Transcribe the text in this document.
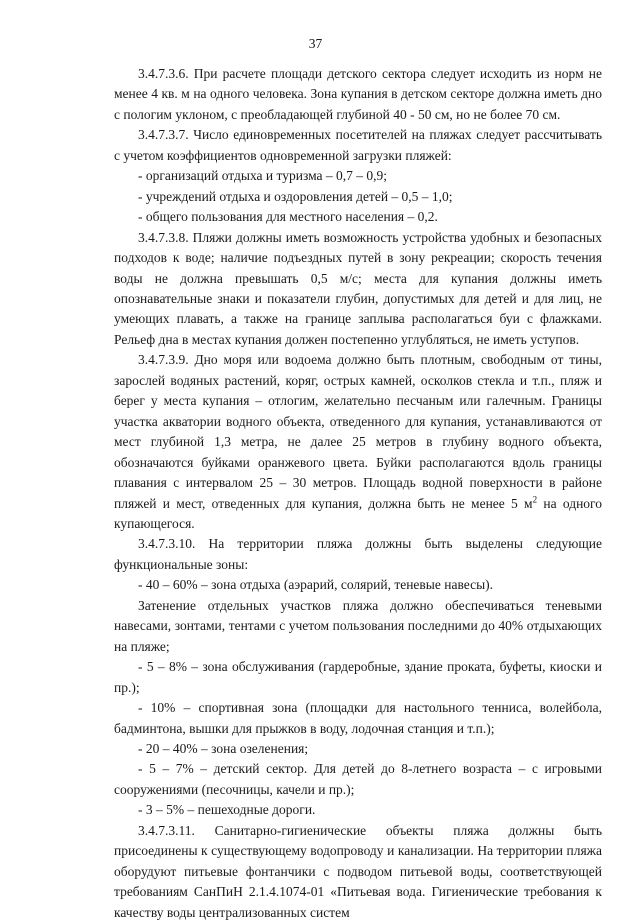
37

3.4.7.3.6. При расчете площади детского сектора следует исходить из норм не менее 4 кв. м на одного человека. Зона купания в детском секторе должна иметь дно с пологим уклоном, с преобладающей глубиной 40 - 50 см, но не более 70 см.

3.4.7.3.7. Число единовременных посетителей на пляжах следует рассчитывать с учетом коэффициентов одновременной загрузки пляжей:

- организаций отдыха и туризма – 0,7 – 0,9;

- учреждений отдыха и оздоровления детей – 0,5 – 1,0;

- общего пользования для местного населения – 0,2.

3.4.7.3.8. Пляжи должны иметь возможность устройства удобных и безопасных подходов к воде; наличие подъездных путей в зону рекреации; скорость течения воды не должна превышать 0,5 м/с; места для купания должны иметь опознавательные знаки и показатели глубин, допустимых для детей и для лиц, не умеющих плавать, а также на границе заплыва располагаться буи с флажками. Рельеф дна в местах купания должен постепенно углубляться, не иметь уступов.

3.4.7.3.9. Дно моря или водоема должно быть плотным, свободным от тины, зарослей водяных растений, коряг, острых камней, осколков стекла и т.п., пляж и берег у места купания – отлогим, желательно песчаным или галечным. Границы участка акватории водного объекта, отведенного для купания, устанавливаются от мест глубиной 1,3 метра, не далее 25 метров в глубину водного объекта, обозначаются буйками оранжевого цвета. Буйки располагаются вдоль границы плавания с интервалом 25 – 30 метров. Площадь водной поверхности в районе пляжей и мест, отведенных для купания, должна быть не менее 5 $м^2$ на одного купающегося.

3.4.7.3.10. На территории пляжа должны быть выделены следующие функциональные зоны:

- 40 – 60% – зона отдыха (аэрарий, солярий, теневые навесы).

Затенение отдельных участков пляжа должно обеспечиваться теневыми навесами, зонтами, тентами с учетом пользования последними до 40% отдыхающих на пляже;

- 5 – 8% – зона обслуживания (гардеробные, здание проката, буфеты, киоски и пр.);

- 10% – спортивная зона (площадки для настольного тенниса, волейбола, бадминтона, вышки для прыжков в воду, лодочная станция и т.п.);

- 20 – 40% – зона озеленения;

- 5 – 7% – детский сектор. Для детей до 8-летнего возраста – с игровыми сооружениями (песочницы, качели и пр.);

- 3 – 5% – пешеходные дороги.

3.4.7.3.11. Санитарно-гигиенические объекты пляжа должны быть присоединены к существующему водопроводу и канализации. На территории пляжа оборудуют питьевые фонтанчики с подводом питьевой воды, соответствующей требованиям СанПиН 2.1.4.1074-01 «Питьевая вода. Гигиенические требования к качеству воды централизованных систем
